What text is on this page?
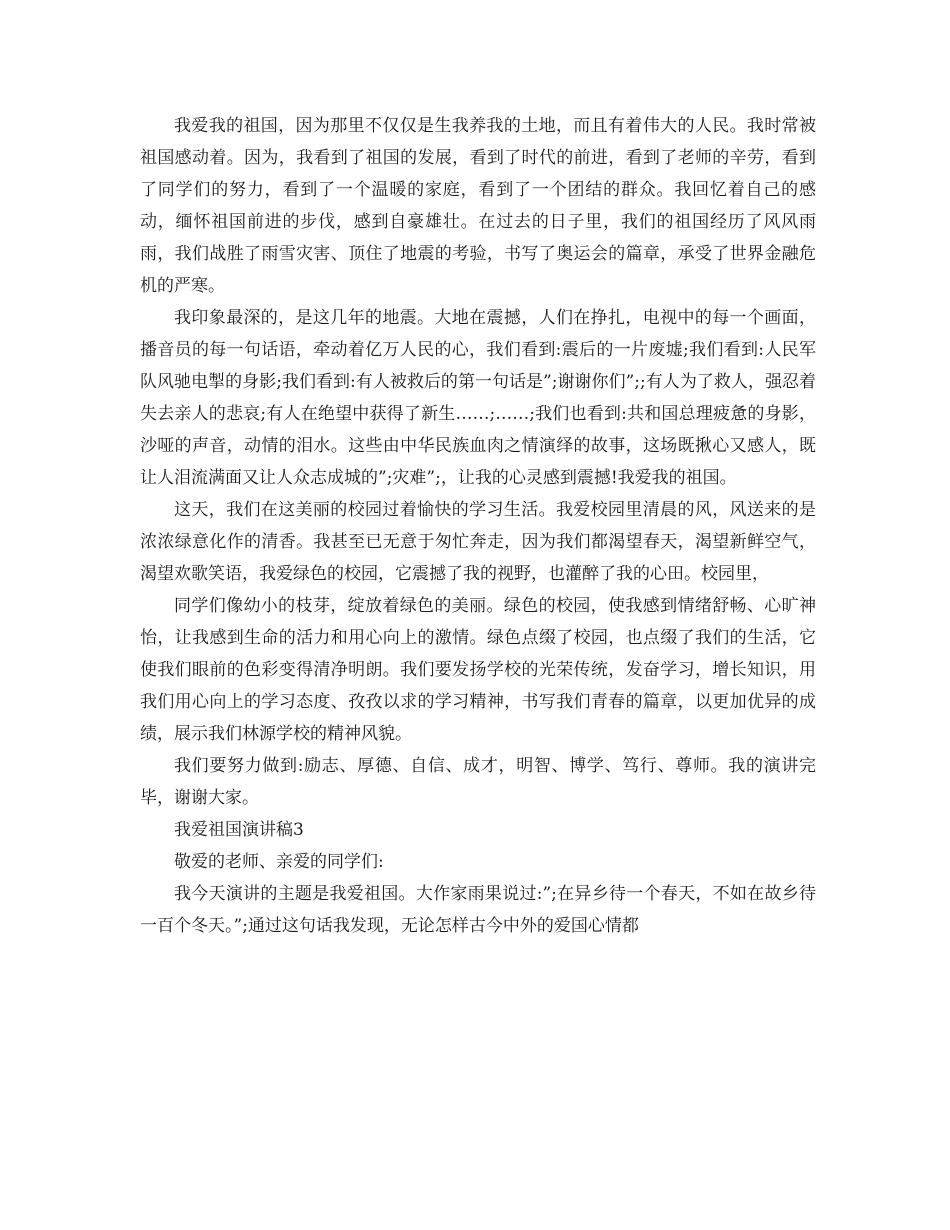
我爱我的祖国，因为那里不仅仅是生我养我的土地，而且有着伟大的人民。我时常被祖国感动着。因为，我看到了祖国的发展，看到了时代的前进，看到了老师的辛劳，看到了同学们的努力，看到了一个温暖的家庭，看到了一个团结的群众。我回忆着自己的感动，缅怀祖国前进的步伐，感到自豪雄壮。在过去的日子里，我们的祖国经历了风风雨雨，我们战胜了雨雪灾害、顶住了地震的考验，书写了奥运会的篇章，承受了世界金融危机的严寒。

我印象最深的，是这几年的地震。大地在震撼，人们在挣扎，电视中的每一个画面，播音员的每一句话语，牵动着亿万人民的心，我们看到:震后的一片废墟;我们看到:人民军队风驰电掣的身影;我们看到:有人被救后的第一句话是”;谢谢你们”;;有人为了救人，强忍着失去亲人的悲哀;有人在绝望中获得了新生……;……;我们也看到:共和国总理疲惫的身影，沙哑的声音，动情的泪水。这些由中华民族血肉之情演绎的故事，这场既揪心又感人，既让人泪流满面又让人众志成城的”;灾难”;，让我的心灵感到震撼!我爱我的祖国。

这天，我们在这美丽的校园过着愉快的学习生活。我爱校园里清晨的风，风送来的是浓浓绿意化作的清香。我甚至已无意于匆忙奔走，因为我们都渴望春天，渴望新鲜空气，渴望欢歌笑语，我爱绿色的校园，它震撼了我的视野，也灌醉了我的心田。校园里，

同学们像幼小的枝芽，绽放着绿色的美丽。绿色的校园，使我感到情绪舒畅、心旷神怡，让我感到生命的活力和用心向上的激情。绿色点缀了校园，也点缀了我们的生活，它使我们眼前的色彩变得清净明朗。我们要发扬学校的光荣传统，发奋学习，增长知识，用我们用心向上的学习态度、孜孜以求的学习精神，书写我们青春的篇章，以更加优异的成绩，展示我们林源学校的精神风貌。

我们要努力做到:励志、厚德、自信、成才，明智、博学、笃行、尊师。我的演讲完毕，谢谢大家。

我爱祖国演讲稿3

敬爱的老师、亲爱的同学们:

我今天演讲的主题是我爱祖国。大作家雨果说过:”;在异乡待一个春天，不如在故乡待一百个冬天。”;通过这句话我发现，无论怎样古今中外的爱国心情都
